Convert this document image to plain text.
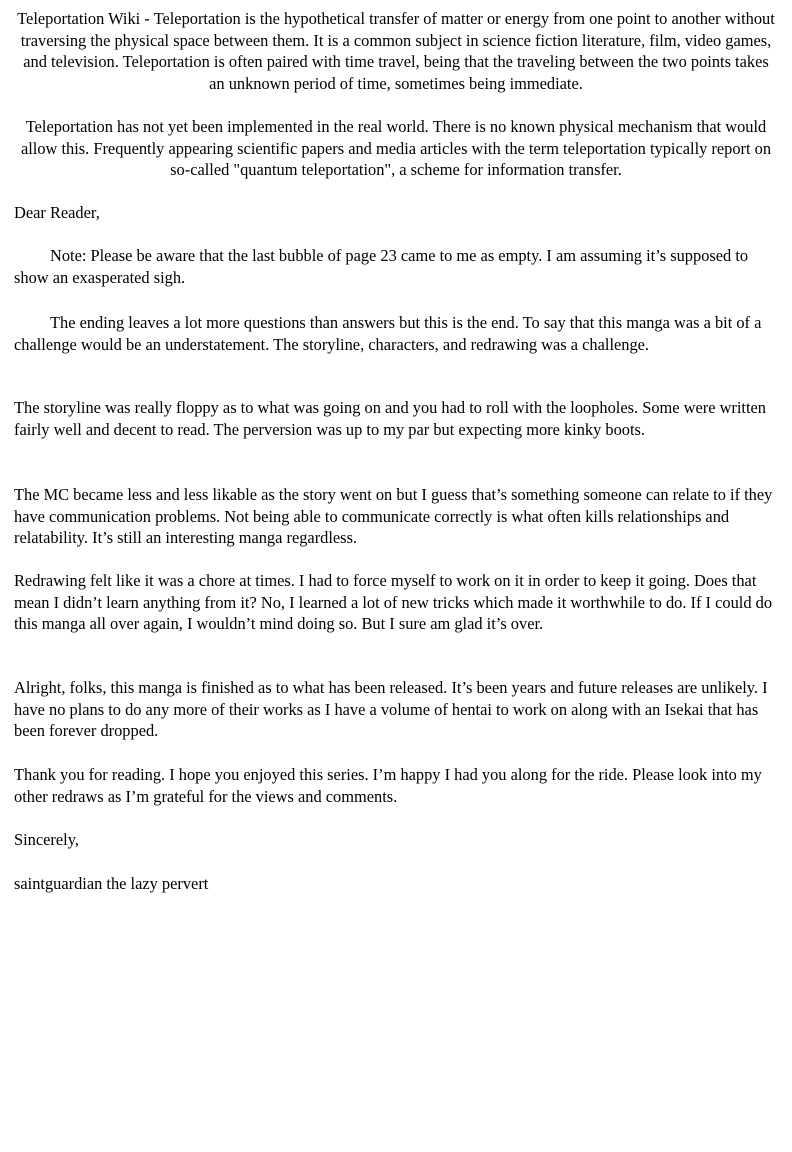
Teleportation Wiki - Teleportation is the hypothetical transfer of matter or energy from one point to another without traversing the physical space between them. It is a common subject in science fiction literature, film, video games, and television. Teleportation is often paired with time travel, being that the traveling between the two points takes an unknown period of time, sometimes being immediate.

Teleportation has not yet been implemented in the real world. There is no known physical mechanism that would allow this. Frequently appearing scientific papers and media articles with the term teleportation typically report on so-called "quantum teleportation", a scheme for information transfer.

Dear Reader,

Note: Please be aware that the last bubble of page 23 came to me as empty. I am assuming it’s supposed to show an exasperated sigh.

The ending leaves a lot more questions than answers but this is the end. To say that this manga was a bit of a challenge would be an understatement. The storyline, characters, and redrawing was a challenge.

The storyline was really floppy as to what was going on and you had to roll with the loopholes. Some were written fairly well and decent to read. The perversion was up to my par but expecting more kinky boots.

The MC became less and less likable as the story went on but I guess that’s something someone can relate to if they have communication problems. Not being able to communicate correctly is what often kills relationships and relatability. It’s still an interesting manga regardless.

Redrawing felt like it was a chore at times. I had to force myself to work on it in order to keep it going. Does that mean I didn’t learn anything from it? No, I learned a lot of new tricks which made it worthwhile to do. If I could do this manga all over again, I wouldn’t mind doing so. But I sure am glad it’s over.

Alright, folks, this manga is finished as to what has been released. It’s been years and future releases are unlikely. I have no plans to do any more of their works as I have a volume of hentai to work on along with an Isekai that has been forever dropped.

Thank you for reading. I hope you enjoyed this series. I’m happy I had you along for the ride. Please look into my other redraws as I’m grateful for the views and comments.

Sincerely,

saintguardian the lazy pervert
